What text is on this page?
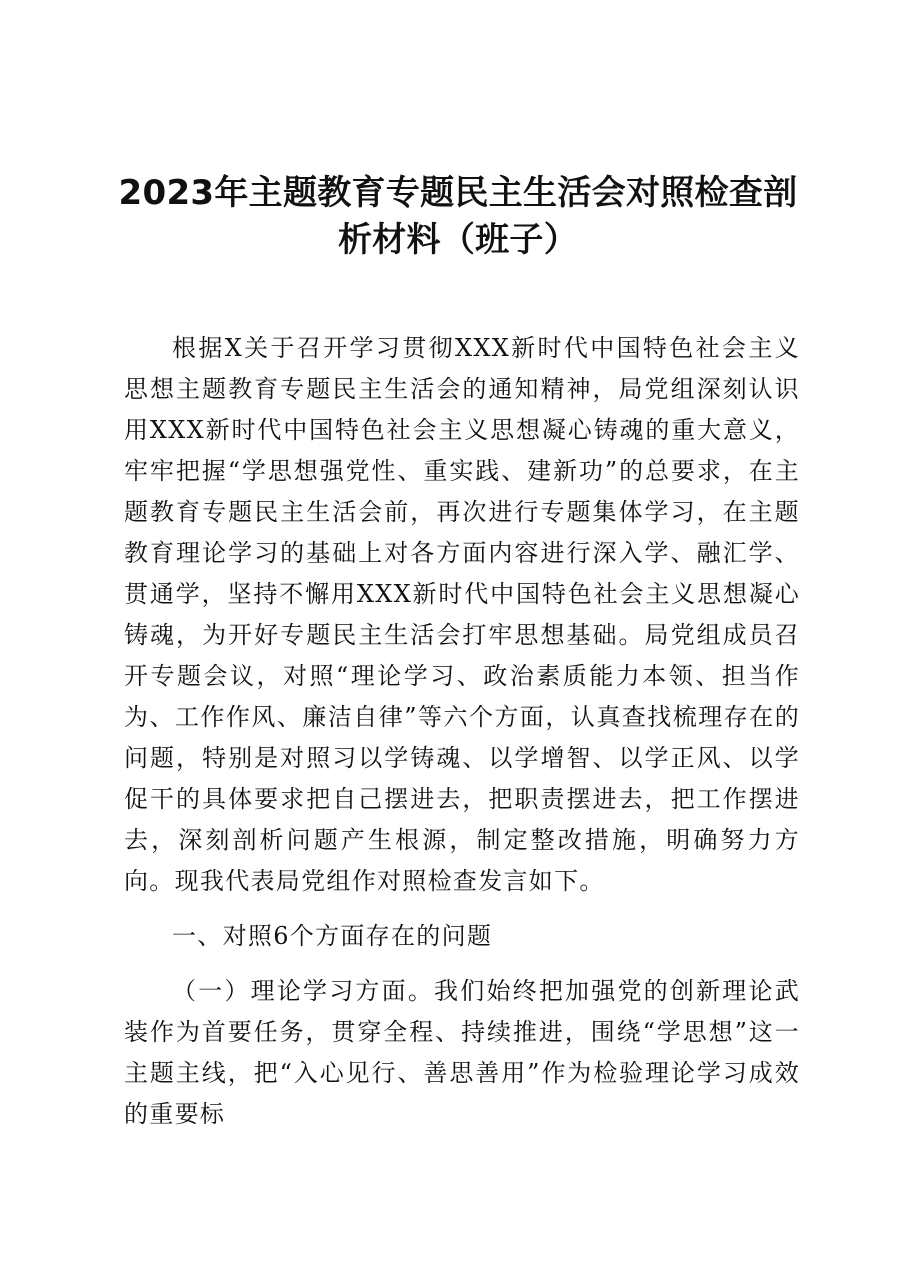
2023年主题教育专题民主生活会对照检查剖析材料（班子）

根据X关于召开学习贯彻XXX新时代中国特色社会主义思想主题教育专题民主生活会的通知精神，局党组深刻认识用XXX新时代中国特色社会主义思想凝心铸魂的重大意义，牢牢把握“学思想强党性、重实践、建新功”的总要求，在主题教育专题民主生活会前，再次进行专题集体学习，在主题教育理论学习的基础上对各方面内容进行深入学、融汇学、贯通学，坚持不懈用XXX新时代中国特色社会主义思想凝心铸魂，为开好专题民主生活会打牢思想基础。局党组成员召开专题会议，对照“理论学习、政治素质能力本领、担当作为、工作作风、廉洁自律”等六个方面，认真查找梳理存在的问题，特别是对照习以学铸魂、以学增智、以学正风、以学促干的具体要求把自己摆进去，把职责摆进去，把工作摆进去，深刻剖析问题产生根源，制定整改措施，明确努力方向。现我代表局党组作对照检查发言如下。

一、对照6个方面存在的问题

（一）理论学习方面。我们始终把加强党的创新理论武装作为首要任务，贯穿全程、持续推进，围绕“学思想”这一主题主线，把“入心见行、善思善用”作为检验理论学习成效的重要标
